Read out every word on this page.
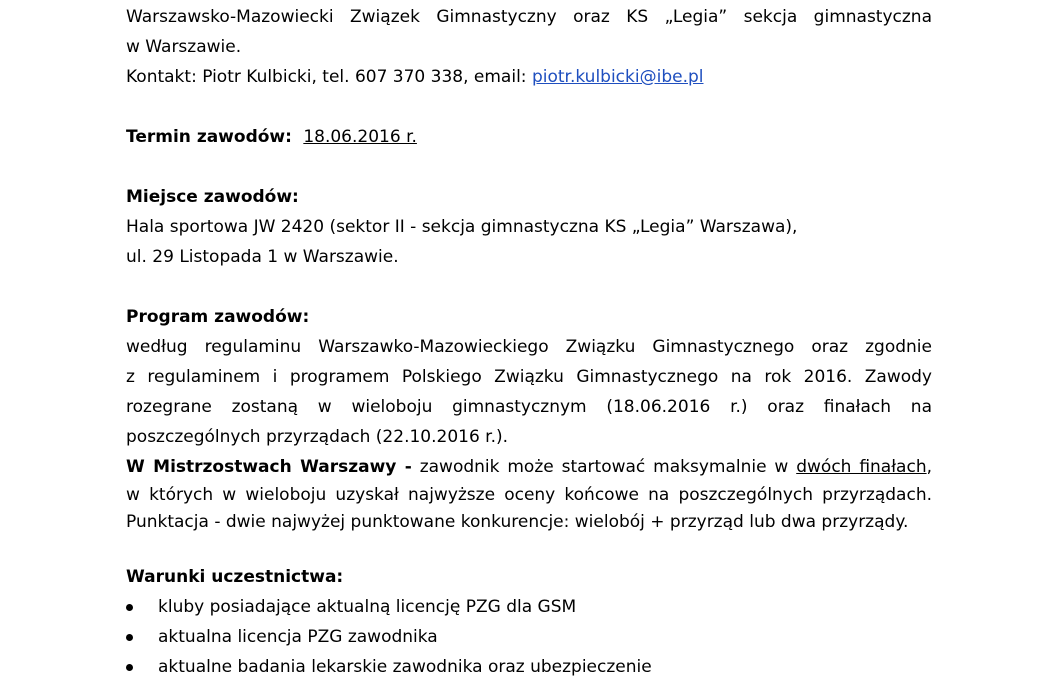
Warszawsko-Mazowiecki Związek Gimnastyczny oraz KS „Legia” sekcja gimnastyczna
w Warszawie.
Kontakt: Piotr Kulbicki, tel. 607 370 338, email: piotr.kulbicki@ibe.pl
Termin zawodów: 18.06.2016 r.
Miejsce zawodów:
Hala sportowa JW 2420 (sektor II - sekcja gimnastyczna KS „Legia” Warszawa),
ul. 29 Listopada 1 w Warszawie.
Program zawodów:
według regulaminu Warszawko-Mazowieckiego Związku Gimnastycznego oraz zgodnie
z regulaminem i programem Polskiego Związku Gimnastycznego na rok 2016. Zawody
rozegrane zostaną w wieloboju gimnastycznym (18.06.2016 r.) oraz finałach na
poszczególnych przyrządach (22.10.2016 r.).
W Mistrzostwach Warszawy - zawodnik może startować maksymalnie w dwóch finałach,
w których w wieloboju uzyskał najwyższe oceny końcowe na poszczególnych przyrządach.
Punktacja - dwie najwyżej punktowane konkurencje: wielobój + przyrząd lub dwa przyrządy.
Warunki uczestnictwa:
kluby posiadające aktualną licencję PZG dla GSM
aktualna licencja PZG zawodnika
aktualne badania lekarskie zawodnika oraz ubezpieczenie
